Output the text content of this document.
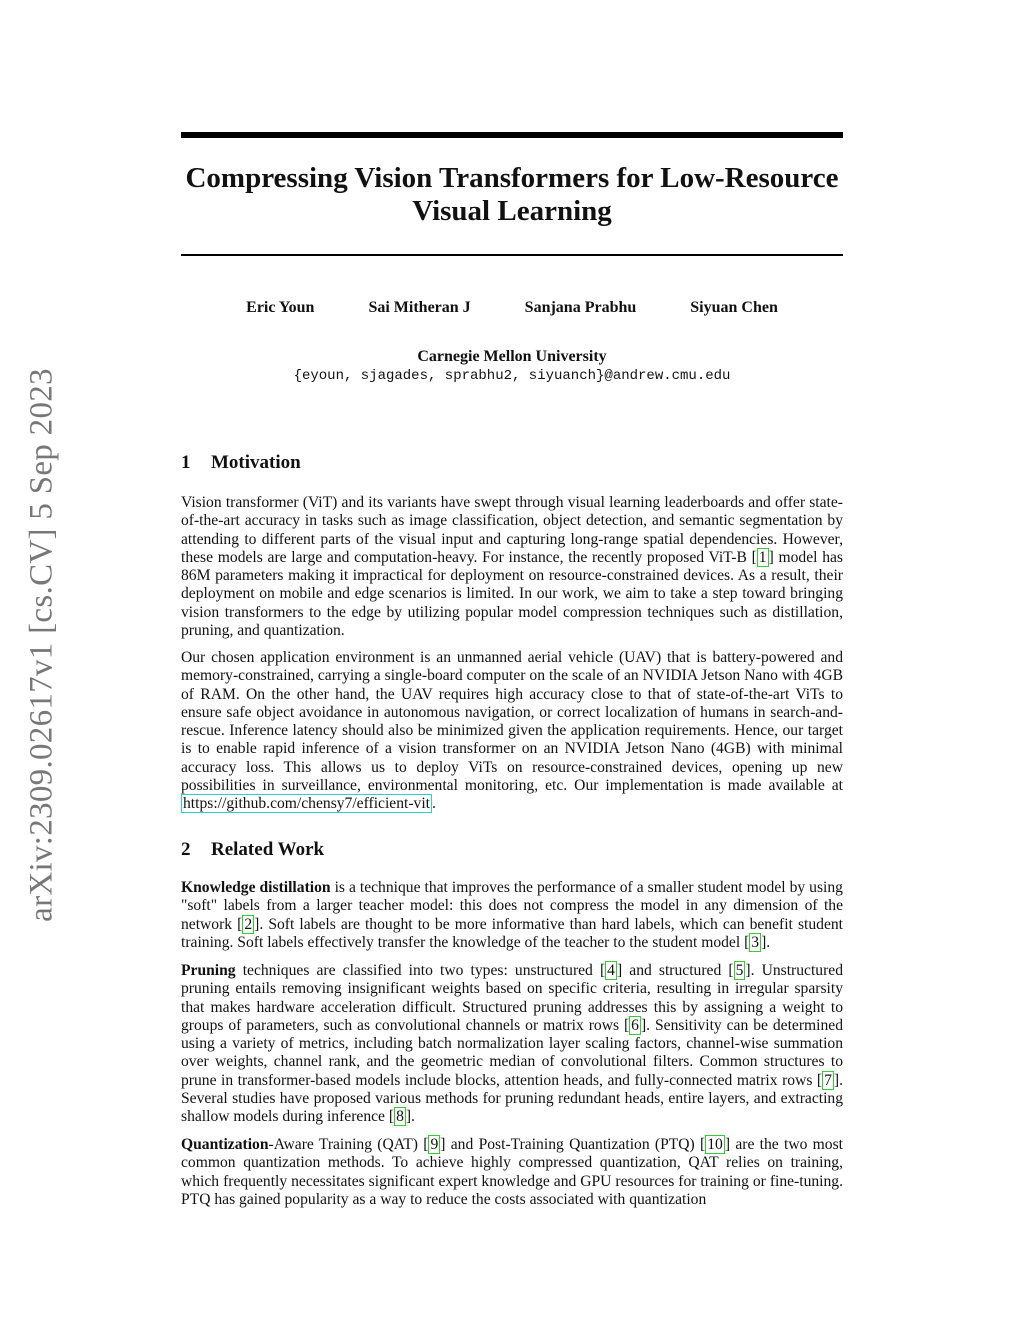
arXiv:2309.02617v1 [cs.CV] 5 Sep 2023
Compressing Vision Transformers for Low-Resource Visual Learning
Eric Youn	Sai Mitheran J	Sanjana Prabhu	Siyuan Chen
Carnegie Mellon University
{eyoun, sjagades, sprabhu2, siyuanch}@andrew.cmu.edu
1 Motivation

Vision transformer (ViT) and its variants have swept through visual learning leaderboards and offer state-of-the-art accuracy in tasks such as image classification, object detection, and semantic segmentation by attending to different parts of the visual input and capturing long-range spatial dependencies. However, these models are large and computation-heavy. For instance, the recently proposed ViT-B [ 1 ] model has 86M parameters making it impractical for deployment on resource-constrained devices. As a result, their deployment on mobile and edge scenarios is limited. In our work, we aim to take a step toward bringing vision transformers to the edge by utilizing popular model compression techniques such as distillation, pruning, and quantization.

Our chosen application environment is an unmanned aerial vehicle (UAV) that is battery-powered and memory-constrained, carrying a single-board computer on the scale of an NVIDIA Jetson Nano with 4GB of RAM. On the other hand, the UAV requires high accuracy close to that of state-of-the-art ViTs to ensure safe object avoidance in autonomous navigation, or correct localization of humans in search-and-rescue. Inference latency should also be minimized given the application requirements. Hence, our target is to enable rapid inference of a vision transformer on an NVIDIA Jetson Nano (4GB) with minimal accuracy loss. This allows us to deploy ViTs on resource-constrained devices, opening up new possibilities in surveillance, environmental monitoring, etc. Our implementation is made available at https://github.com/chensy7/efficient-vit .

2 Related Work

Knowledge distillation is a technique that improves the performance of a smaller student model by using "soft" labels from a larger teacher model: this does not compress the model in any dimension of the network [ 2 ]. Soft labels are thought to be more informative than hard labels, which can benefit student training. Soft labels effectively transfer the knowledge of the teacher to the student model [ 3 ].

Pruning techniques are classified into two types: unstructured [ 4 ] and structured [ 5 ]. Unstructured pruning entails removing insignificant weights based on specific criteria, resulting in irregular sparsity that makes hardware acceleration difficult. Structured pruning addresses this by assigning a weight to groups of parameters, such as convolutional channels or matrix rows [ 6 ]. Sensitivity can be determined using a variety of metrics, including batch normalization layer scaling factors, channel-wise summation over weights, channel rank, and the geometric median of convolutional filters. Common structures to prune in transformer-based models include blocks, attention heads, and fully-connected matrix rows [ 7 ]. Several studies have proposed various methods for pruning redundant heads, entire layers, and extracting shallow models during inference [ 8 ].

Quantization-Aware Training (QAT) [ 9 ] and Post-Training Quantization (PTQ) [ 10 ] are the two most common quantization methods. To achieve highly compressed quantization, QAT relies on training, which frequently necessitates significant expert knowledge and GPU resources for training or fine-tuning. PTQ has gained popularity as a way to reduce the costs associated with quantization
